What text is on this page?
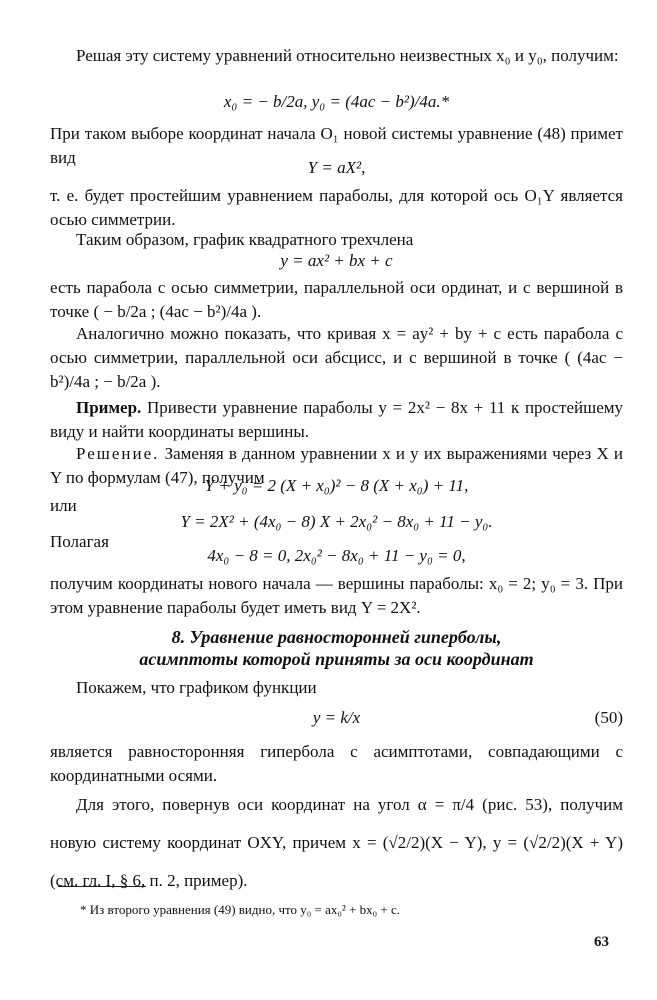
Решая эту систему уравнений относительно неизвестных x₀ и y₀, получим:
x₀ = − b/2a, y₀ = (4ac − b²)/4a.*
При таком выборе координат начала O₁ новой системы уравнение (48) примет вид
Y = aX²,
т. е. будет простейшим уравнением параболы, для которой ось O₁Y является осью симметрии.
Таким образом, график квадратного трехчлена
y = ax² + bx + c
есть парабола с осью симметрии, параллельной оси ординат, и с вершиной в точке ( − b/2a ; (4ac − b²)/4a ).
Аналогично можно показать, что кривая x = ay² + by + c есть парабола с осью симметрии, параллельной оси абсцисс, и с вершиной в точке ( (4ac − b²)/4a ; − b/2a ).
Пример. Привести уравнение параболы y = 2x² − 8x + 11 к простейшему виду и найти координаты вершины.
Решение. Заменяя в данном уравнении x и y их выражениями через X и Y по формулам (47), получим
Y + y₀ = 2 (X + x₀)² − 8 (X + x₀) + 11,
или
Y = 2X² + (4x₀ − 8) X + 2x₀² − 8x₀ + 11 − y₀.
Полагая
4x₀ − 8 = 0, 2x₀² − 8x₀ + 11 − y₀ = 0,
получим координаты нового начала — вершины параболы: x₀ = 2; y₀ = 3. При этом уравнение параболы будет иметь вид Y = 2X².
8. Уравнение равносторонней гиперболы,
асимптоты которой приняты за оси координат
Покажем, что графиком функции
y = k/x	(50)
является равносторонняя гипербола с асимптотами, совпадающими с координатными осями.
Для этого, повернув оси координат на угол α = π/4 (рис. 53), получим новую систему координат OXY, причем x = (√2/2)(X − Y), y = (√2/2)(X + Y) (см. гл. I, § 6, п. 2, пример).
* Из второго уравнения (49) видно, что y₀ = ax₀² + bx₀ + c.
63
